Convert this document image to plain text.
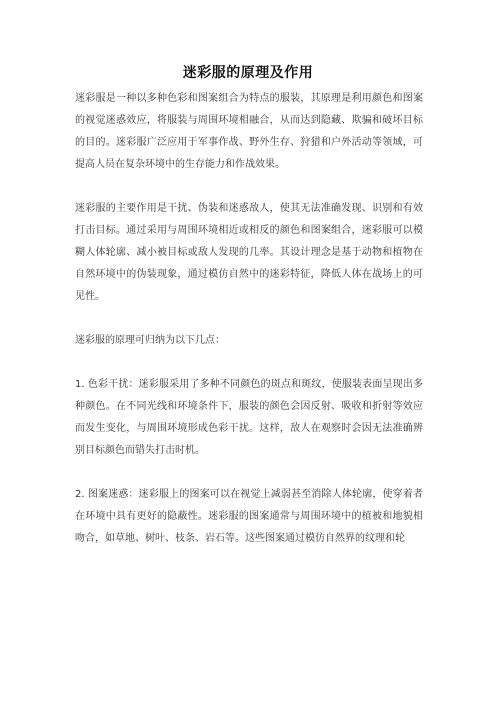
迷彩服的原理及作用

迷彩服是一种以多种色彩和图案组合为特点的服装，其原理是利用颜色和图案的视觉迷惑效应，将服装与周围环境相融合，从而达到隐藏、欺骗和破坏目标的目的。迷彩服广泛应用于军事作战、野外生存、狩猎和户外活动等领域，可提高人员在复杂环境中的生存能力和作战效果。

迷彩服的主要作用是干扰、伪装和迷惑敌人，使其无法准确发现、识别和有效打击目标。通过采用与周围环境相近或相反的颜色和图案组合，迷彩服可以模糊人体轮廓、减小被目标或敌人发现的几率。其设计理念是基于动物和植物在自然环境中的伪装现象，通过模仿自然中的迷彩特征，降低人体在战场上的可见性。

迷彩服的原理可归纳为以下几点：

1. 色彩干扰：迷彩服采用了多种不同颜色的斑点和斑纹，使服装表面呈现出多种颜色。在不同光线和环境条件下，服装的颜色会因反射、吸收和折射等效应而发生变化，与周围环境形成色彩干扰。这样，敌人在观察时会因无法准确辨别目标颜色而错失打击时机。

2. 图案迷惑：迷彩服上的图案可以在视觉上减弱甚至消除人体轮廓，使穿着者在环境中具有更好的隐蔽性。迷彩服的图案通常与周围环境中的植被和地貌相吻合，如草地、树叶、枝条、岩石等。这些图案通过模仿自然界的纹理和轮
